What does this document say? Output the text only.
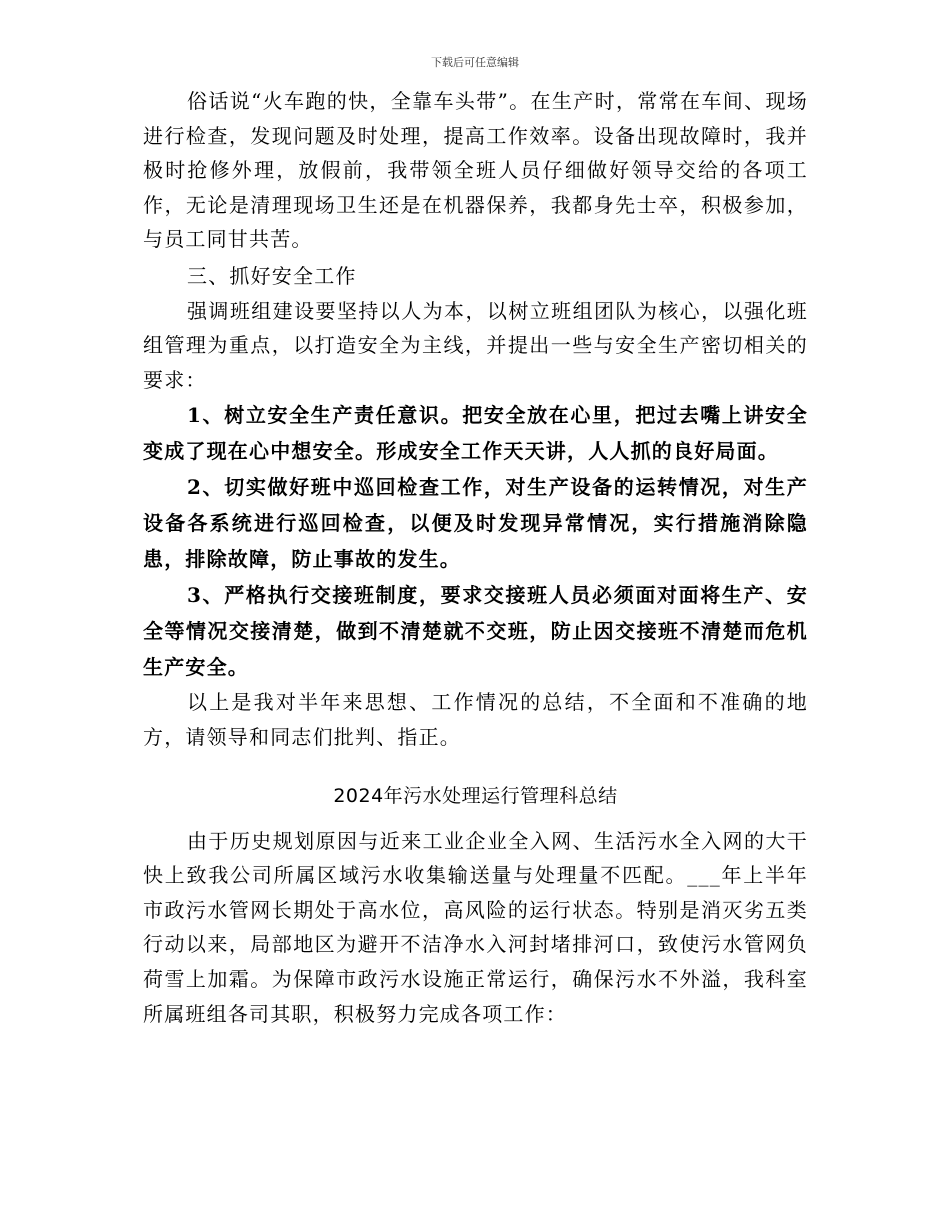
下载后可任意编辑

俗话说“火车跑的快，全靠车头带”。在生产时，常常在车间、现场进行检查，发现问题及时处理，提高工作效率。设备出现故障时，我并极时抢修外理，放假前，我带领全班人员仔细做好领导交给的各项工作，无论是清理现场卫生还是在机器保养，我都身先士卒，积极参加，与员工同甘共苦。

三、抓好安全工作

强调班组建设要坚持以人为本，以树立班组团队为核心，以强化班组管理为重点，以打造安全为主线，并提出一些与安全生产密切相关的要求：

1、树立安全生产责任意识。把安全放在心里，把过去嘴上讲安全变成了现在心中想安全。形成安全工作天天讲，人人抓的良好局面。

2、切实做好班中巡回检查工作，对生产设备的运转情况，对生产设备各系统进行巡回检查，以便及时发现异常情况，实行措施消除隐患，排除故障，防止事故的发生。

3、严格执行交接班制度，要求交接班人员必须面对面将生产、安全等情况交接清楚，做到不清楚就不交班，防止因交接班不清楚而危机生产安全。

以上是我对半年来思想、工作情况的总结，不全面和不准确的地方，请领导和同志们批判、指正。

2024年污水处理运行管理科总结

由于历史规划原因与近来工业企业全入网、生活污水全入网的大干快上致我公司所属区域污水收集输送量与处理量不匹配。___年上半年市政污水管网长期处于高水位，高风险的运行状态。特别是消灭劣五类行动以来，局部地区为避开不洁净水入河封堵排河口，致使污水管网负荷雪上加霜。为保障市政污水设施正常运行，确保污水不外溢，我科室所属班组各司其职，积极努力完成各项工作：
